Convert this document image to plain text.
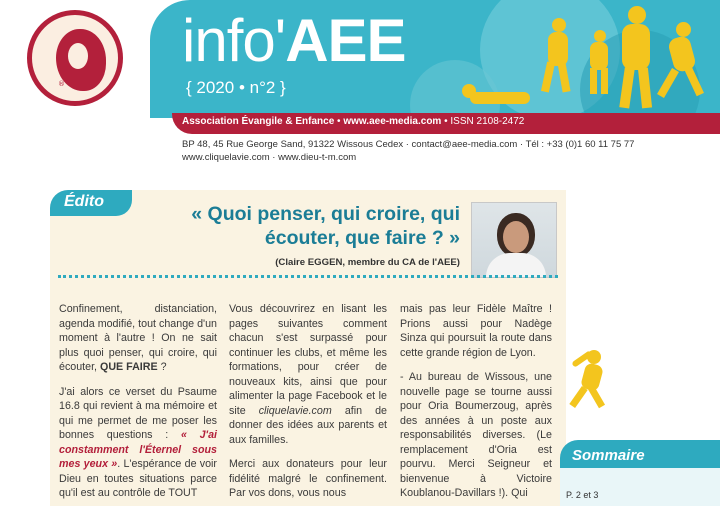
®
info'AEE
{ 2020 • n°2 }
Association Évangile & Enfance • www.aee-media.com • ISSN 2108-2472
BP 48, 45 Rue George Sand, 91322 Wissous Cedex · contact@aee-media.com · Tél : +33 (0)1 60 11 75 77
www.cliquelavie.com · www.dieu-t-m.com
Édito
« Quoi penser, qui croire, qui écouter, que faire ? »
(Claire EGGEN, membre du CA de l'AEE)

Confinement, distanciation, agenda modifié, tout change d'un moment à l'autre ! On ne sait plus quoi penser, qui croire, qui écouter, QUE FAIRE ?

J'ai alors ce verset du Psaume 16.8 qui revient à ma mémoire et qui me permet de me poser les bonnes questions : « J'ai constamment l'Éternel sous mes yeux ». L'espérance de voir Dieu en toutes situations parce qu'il est au contrôle de TOUT

Vous découvrirez en lisant les pages suivantes comment chacun s'est surpassé pour continuer les clubs, et même les formations, pour créer de nouveaux kits, ainsi que pour alimenter la page Facebook et le site cliquelavie.com afin de donner des idées aux parents et aux familles.

Merci aux donateurs pour leur fidélité malgré le confinement. Par vos dons, vous nous

mais pas leur Fidèle Maître ! Prions aussi pour Nadège Sinza qui poursuit la route dans cette grande région de Lyon.

- Au bureau de Wissous, une nouvelle page se tourne aussi pour Oria Boumerzoug, après des années à un poste aux responsabilités diverses. (Le remplacement d'Oria est pourvu. Merci Seigneur et bienvenue à Victoire Koublanou-Davillars !). Qui

Sommaire
P. 2 et 3
